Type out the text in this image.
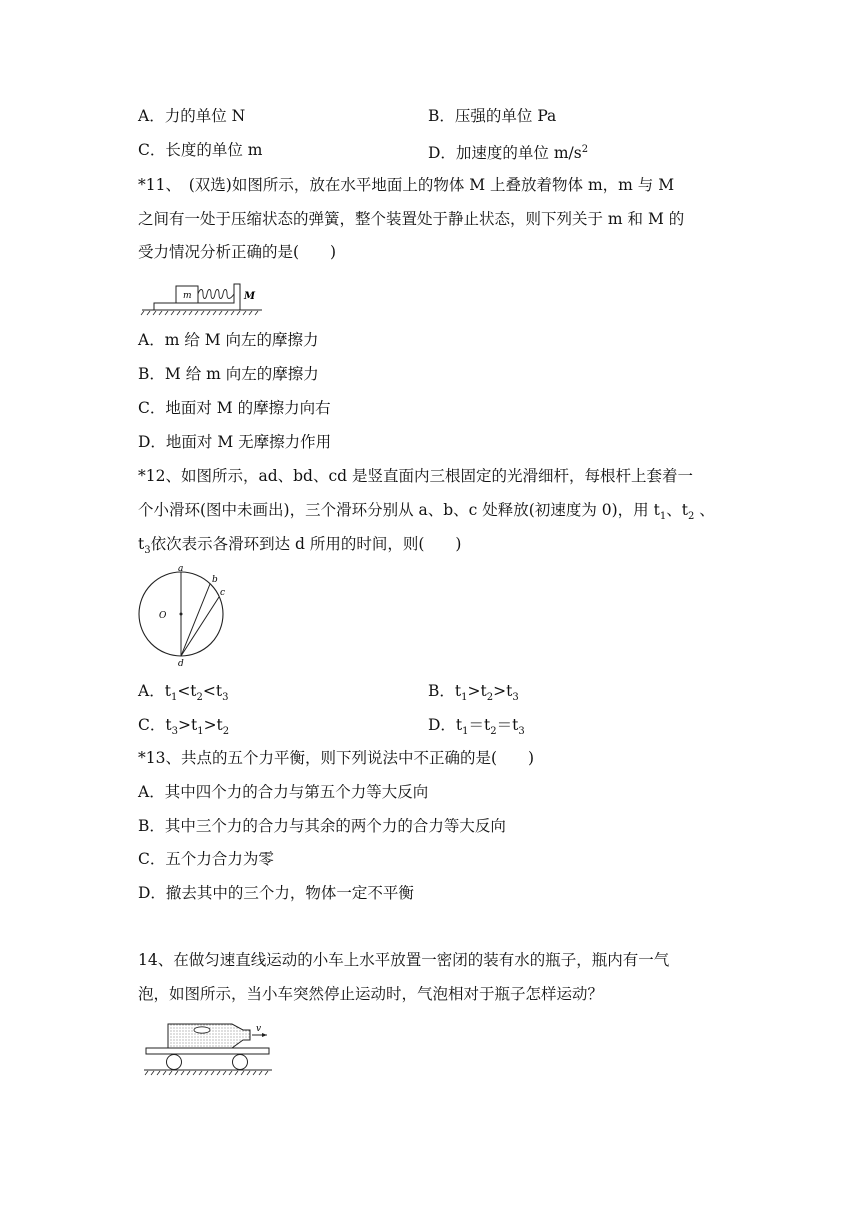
A．力的单位 N	B．压强的单位 Pa
C．长度的单位 m	D．加速度的单位 $m/s^2$
*11、　(双选)如图所示，放在水平地面上的物体 M 上叠放着物体 m，m 与 M
之间有一处于压缩状态的弹簧，整个装置处于静止状态，则下列关于 m 和 M 的
受力情况分析正确的是(　　)
m	M
A．m 给 M 向左的摩擦力
B．M 给 m 向左的摩擦力
C．地面对 M 的摩擦力向右
D．地面对 M 无摩擦力作用
*12、如图所示，ad、bd、cd 是竖直面内三根固定的光滑细杆，每根杆上套着一
个小滑环(图中未画出)，三个滑环分别从 a、b、c 处释放(初速度为 0)，用 $t_1$、$t_2$ 、
$t_3$依次表示各滑环到达 d 所用的时间，则(　　)
a
b
c
d
O
A．$t_1<t_2<t_3$	B．$t_1>t_2>t_3$
C．$t_3>t_1>t_2$	D．$t_1=t_2=t_3$
*13、共点的五个力平衡，则下列说法中不正确的是(　　)
A．其中四个力的合力与第五个力等大反向
B．其中三个力的合力与其余的两个力的合力等大反向
C．五个力合力为零
D．撤去其中的三个力，物体一定不平衡
14、在做匀速直线运动的小车上水平放置一密闭的装有水的瓶子，瓶内有一气
泡，如图所示，当小车突然停止运动时，气泡相对于瓶子怎样运动？
v
